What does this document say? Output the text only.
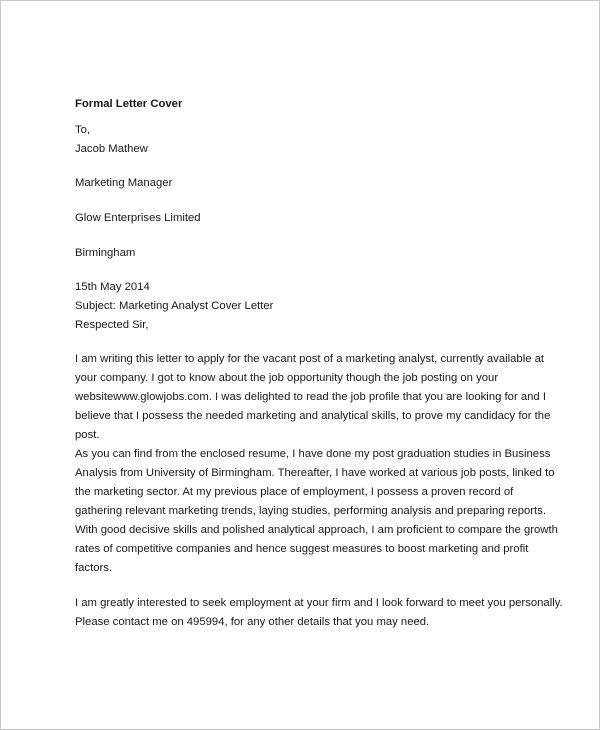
Formal Letter Cover
To,
Jacob Mathew
Marketing Manager
Glow Enterprises Limited
Birmingham
15th May 2014
Subject: Marketing Analyst Cover Letter
Respected Sir,
I am writing this letter to apply for the vacant post of a marketing analyst, currently available at
your company. I got to know about the job opportunity though the job posting on your
websitewww.glowjobs.com. I was delighted to read the job profile that you are looking for and I
believe that I possess the needed marketing and analytical skills, to prove my candidacy for the
post.
As you can find from the enclosed resume, I have done my post graduation studies in Business
Analysis from University of Birmingham. Thereafter, I have worked at various job posts, linked to
the marketing sector. At my previous place of employment, I possess a proven record of
gathering relevant marketing trends, laying studies, performing analysis and preparing reports.
With good decisive skills and polished analytical approach, I am proficient to compare the growth
rates of competitive companies and hence suggest measures to boost marketing and profit
factors.
I am greatly interested to seek employment at your firm and I look forward to meet you personally.
Please contact me on 495994, for any other details that you may need.
